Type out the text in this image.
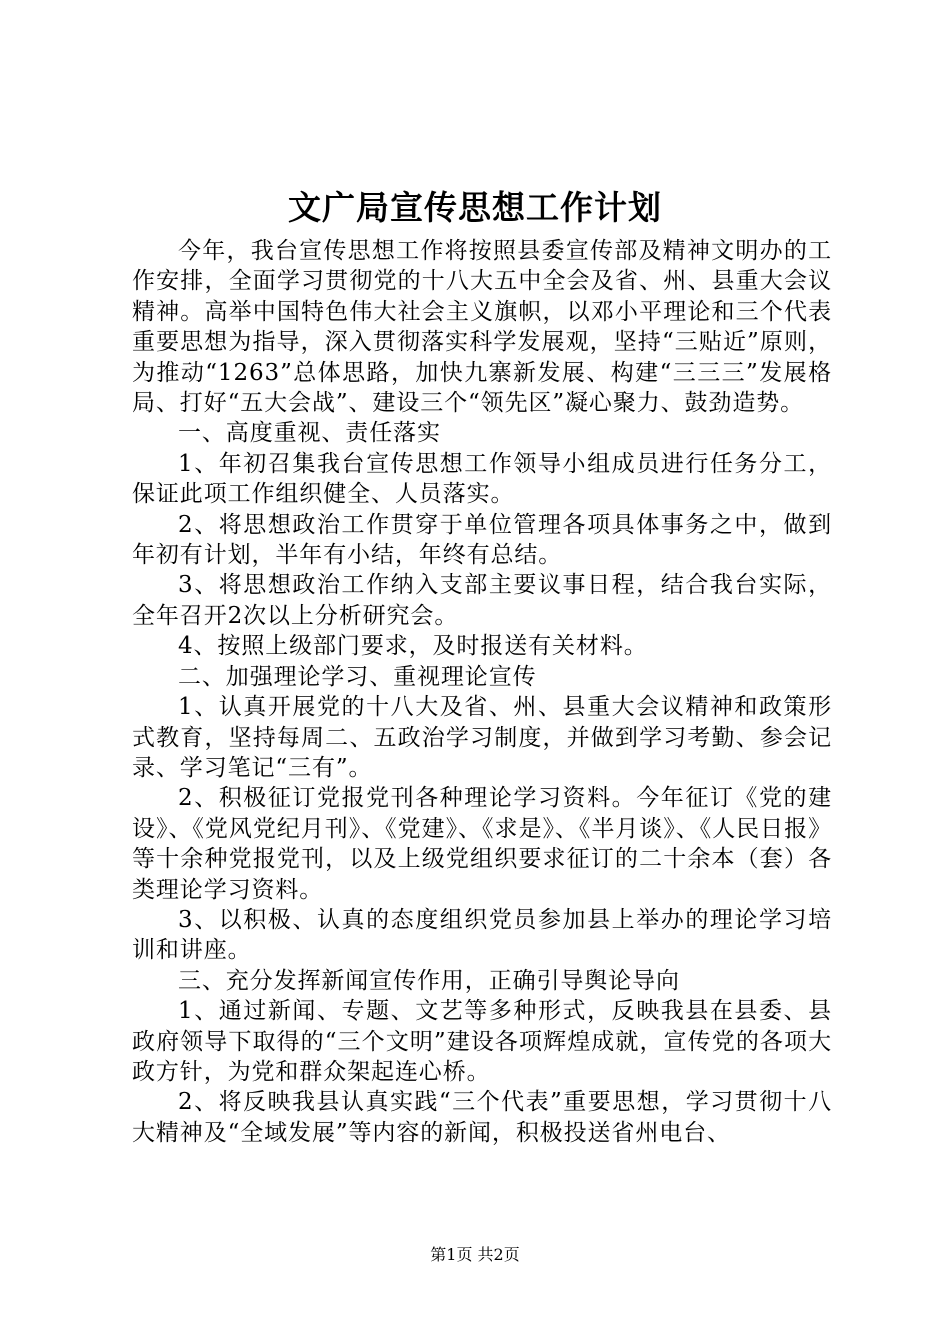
文广局宣传思想工作计划

今年，我台宣传思想工作将按照县委宣传部及精神文明办的工作安排，全面学习贯彻党的十八大五中全会及省、州、县重大会议精神。高举中国特色伟大社会主义旗帜，以邓小平理论和三个代表重要思想为指导，深入贯彻落实科学发展观，坚持“三贴近”原则，为推动“1263”总体思路，加快九寨新发展、构建“三三三”发展格局、打好“五大会战”、建设三个“领先区”凝心聚力、鼓劲造势。

一、高度重视、责任落实

1、年初召集我台宣传思想工作领导小组成员进行任务分工，保证此项工作组织健全、人员落实。

2、将思想政治工作贯穿于单位管理各项具体事务之中，做到年初有计划，半年有小结，年终有总结。

3、将思想政治工作纳入支部主要议事日程，结合我台实际，全年召开2次以上分析研究会。

4、按照上级部门要求，及时报送有关材料。

二、加强理论学习、重视理论宣传

1、认真开展党的十八大及省、州、县重大会议精神和政策形式教育，坚持每周二、五政治学习制度，并做到学习考勤、参会记录、学习笔记“三有”。

2、积极征订党报党刊各种理论学习资料。今年征订《党的建设》、《党风党纪月刊》、《党建》、《求是》、《半月谈》、《人民日报》等十余种党报党刊，以及上级党组织要求征订的二十余本（套）各类理论学习资料。

3、以积极、认真的态度组织党员参加县上举办的理论学习培训和讲座。

三、充分发挥新闻宣传作用，正确引导舆论导向

1、通过新闻、专题、文艺等多种形式，反映我县在县委、县政府领导下取得的“三个文明”建设各项辉煌成就，宣传党的各项大政方针，为党和群众架起连心桥。

2、将反映我县认真实践“三个代表”重要思想，学习贯彻十八大精神及“全域发展”等内容的新闻，积极投送省州电台、

第1页 共2页
